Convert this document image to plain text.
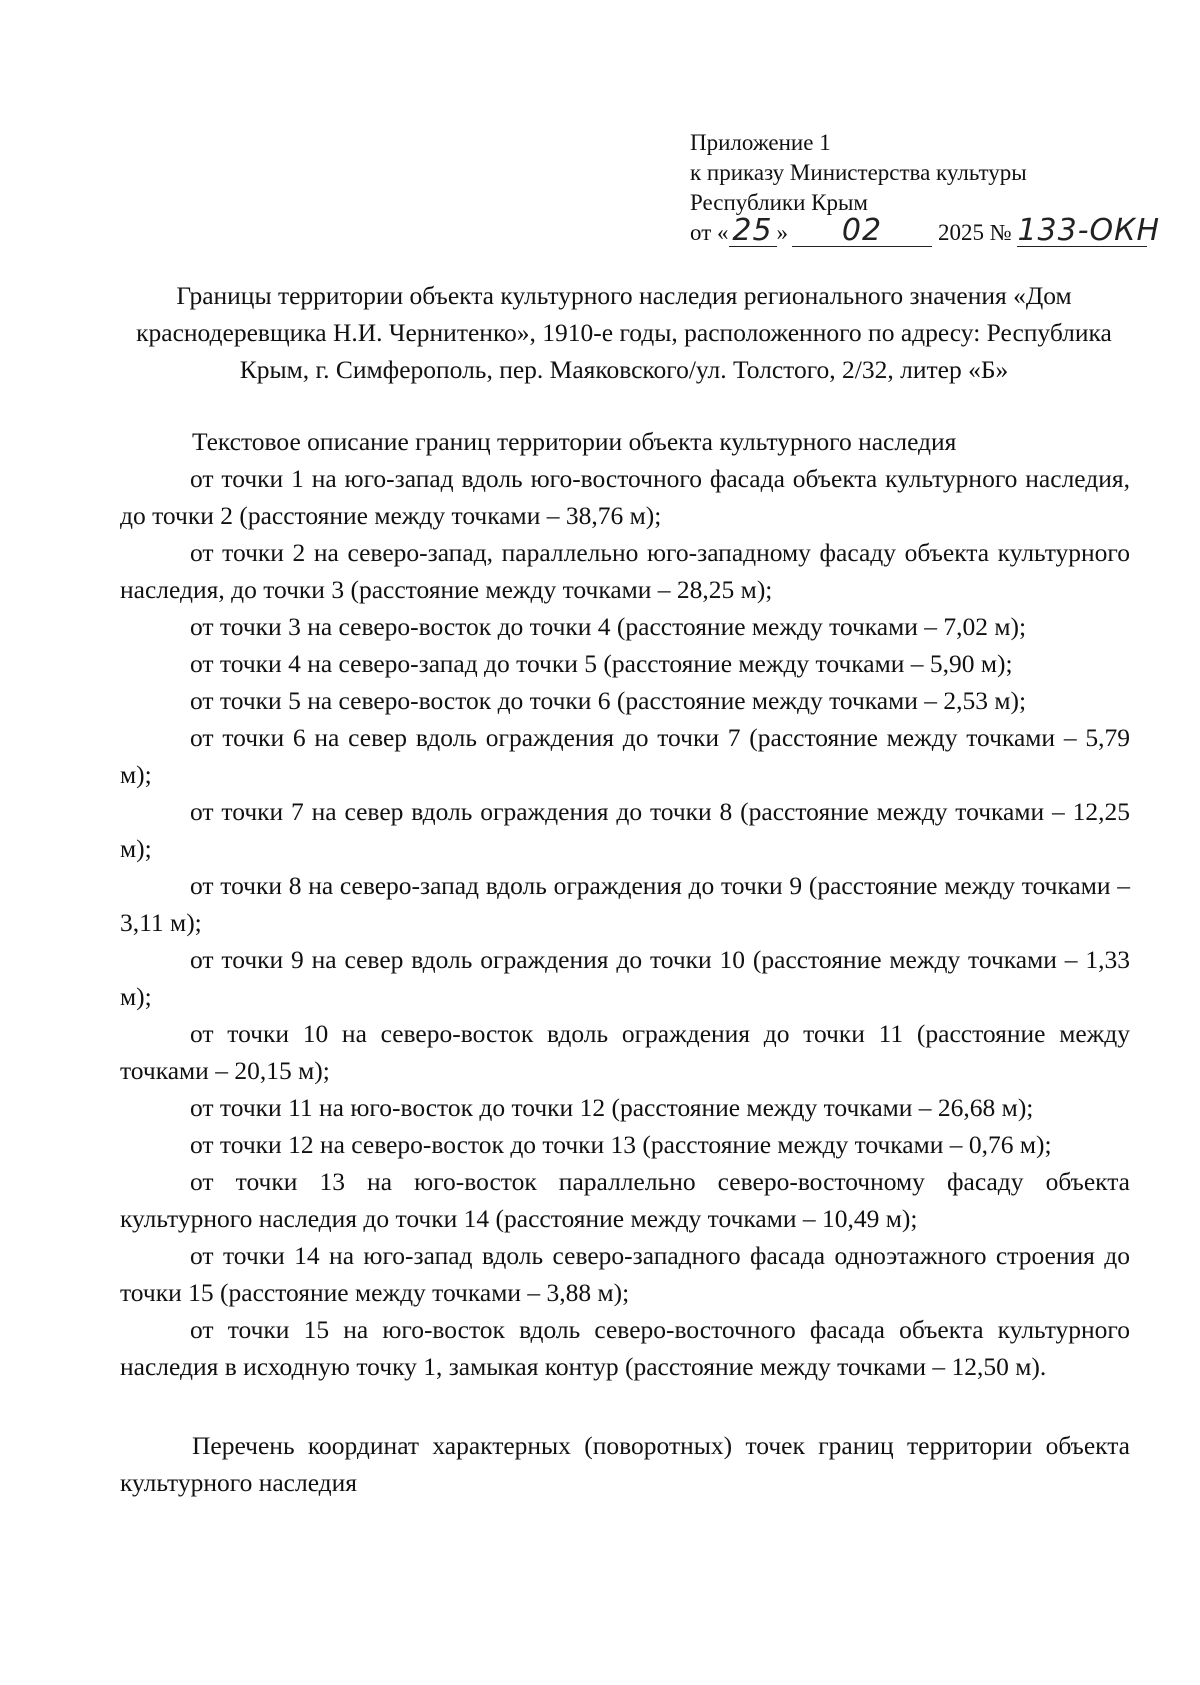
Приложение 1
к приказу Министерства культуры
Республики Крым
от « 25 » 02 2025 № 133-ОКН
Границы территории объекта культурного наследия регионального значения «Дом краснодеревщика Н.И. Чернитенко», 1910-е годы, расположенного по адресу: Республика Крым, г. Симферополь, пер. Маяковского/ул. Толстого, 2/32, литер «Б»

Текстовое описание границ территории объекта культурного наследия

от точки 1 на юго-запад вдоль юго-восточного фасада объекта культурного наследия, до точки 2 (расстояние между точками – 38,76 м);

от точки 2 на северо-запад, параллельно юго-западному фасаду объекта культурного наследия, до точки 3 (расстояние между точками – 28,25 м);

от точки 3 на северо-восток до точки 4 (расстояние между точками – 7,02 м);

от точки 4 на северо-запад до точки 5 (расстояние между точками – 5,90 м);

от точки 5 на северо-восток до точки 6 (расстояние между точками – 2,53 м);

от точки 6 на север вдоль ограждения до точки 7 (расстояние между точками – 5,79 м);

от точки 7 на север вдоль ограждения до точки 8 (расстояние между точками – 12,25 м);

от точки 8 на северо-запад вдоль ограждения до точки 9 (расстояние между точками – 3,11 м);

от точки 9 на север вдоль ограждения до точки 10 (расстояние между точками – 1,33 м);

от точки 10 на северо-восток вдоль ограждения до точки 11 (расстояние между точками – 20,15 м);

от точки 11 на юго-восток до точки 12 (расстояние между точками – 26,68 м);

от точки 12 на северо-восток до точки 13 (расстояние между точками – 0,76 м);

от точки 13 на юго-восток параллельно северо-восточному фасаду объекта культурного наследия до точки 14 (расстояние между точками – 10,49 м);

от точки 14 на юго-запад вдоль северо-западного фасада одноэтажного строения до точки 15 (расстояние между точками – 3,88 м);

от точки 15 на юго-восток вдоль северо-восточного фасада объекта культурного наследия в исходную точку 1, замыкая контур (расстояние между точками – 12,50 м).

Перечень координат характерных (поворотных) точек границ территории объекта культурного наследия
